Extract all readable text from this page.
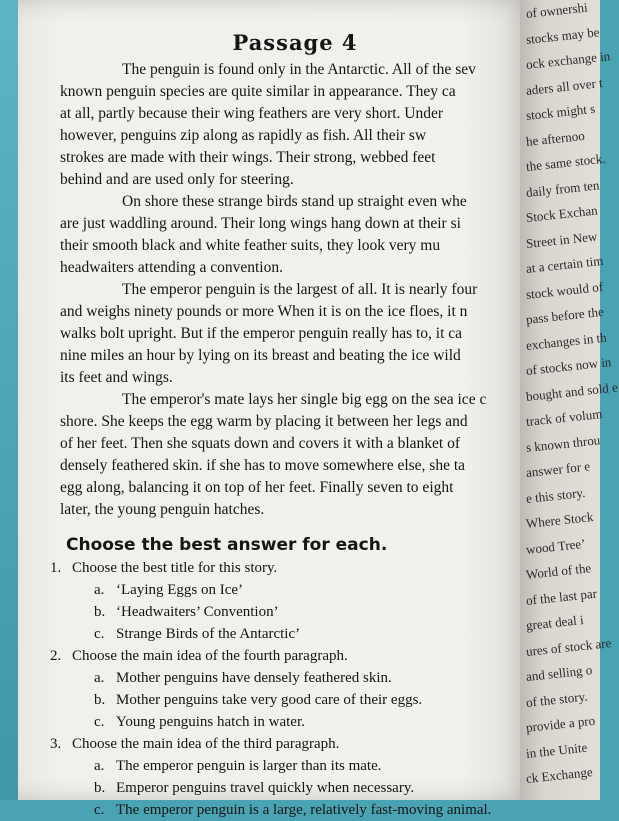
of ownershi
stocks may be
ock exchange in
aders all over t
stock might s
he afternoo
the same stock.
daily from ten
Stock Exchan
Street in New
at a certain tim
stock would of
pass before the
exchanges in th
of stocks now in
bought and sold e
track of volum
s known throu
answer for e
e this story.
Where Stock
wood Tree’
World of the
of the last par
great deal i
ures of stock are
and selling o
of the story.
provide a pro
in the Unite
ck Exchange
Passage 4

The penguin is found only in the Antarctic. All of the sev
known penguin species are quite similar in appearance. They ca
at all, partly because their wing feathers are very short. Under
however, penguins zip along as rapidly as fish. All their sw
strokes are made with their wings. Their strong, webbed feet
behind and are used only for steering.

On shore these strange birds stand up straight even whe
are just waddling around. Their long wings hang down at their si
their smooth black and white feather suits, they look very mu
headwaiters attending a convention.

The emperor penguin is the largest of all. It is nearly four
and weighs ninety pounds or more When it is on the ice floes, it n
walks bolt upright. But if the emperor penguin really has to, it ca
nine miles an hour by lying on its breast and beating the ice wild
its feet and wings.

The emperor's mate lays her single big egg on the sea ice c
shore. She keeps the egg warm by placing it between her legs and
of her feet. Then she squats down and covers it with a blanket of
densely feathered skin. if she has to move somewhere else, she ta
egg along, balancing it on top of her feet. Finally seven to eight
later, the young penguin hatches.

Choose the best answer for each.
1. Choose the best title for this story.
a. ‘Laying Eggs on Ice’
b. ‘Headwaiters’ Convention’
c. Strange Birds of the Antarctic’
2. Choose the main idea of the fourth paragraph.
a. Mother penguins have densely feathered skin.
b. Mother penguins take very good care of their eggs.
c. Young penguins hatch in water.
3. Choose the main idea of the third paragraph.
a. The emperor penguin is larger than its mate.
b. Emperor penguins travel quickly when necessary.
c. The emperor penguin is a large, relatively fast-moving animal.
